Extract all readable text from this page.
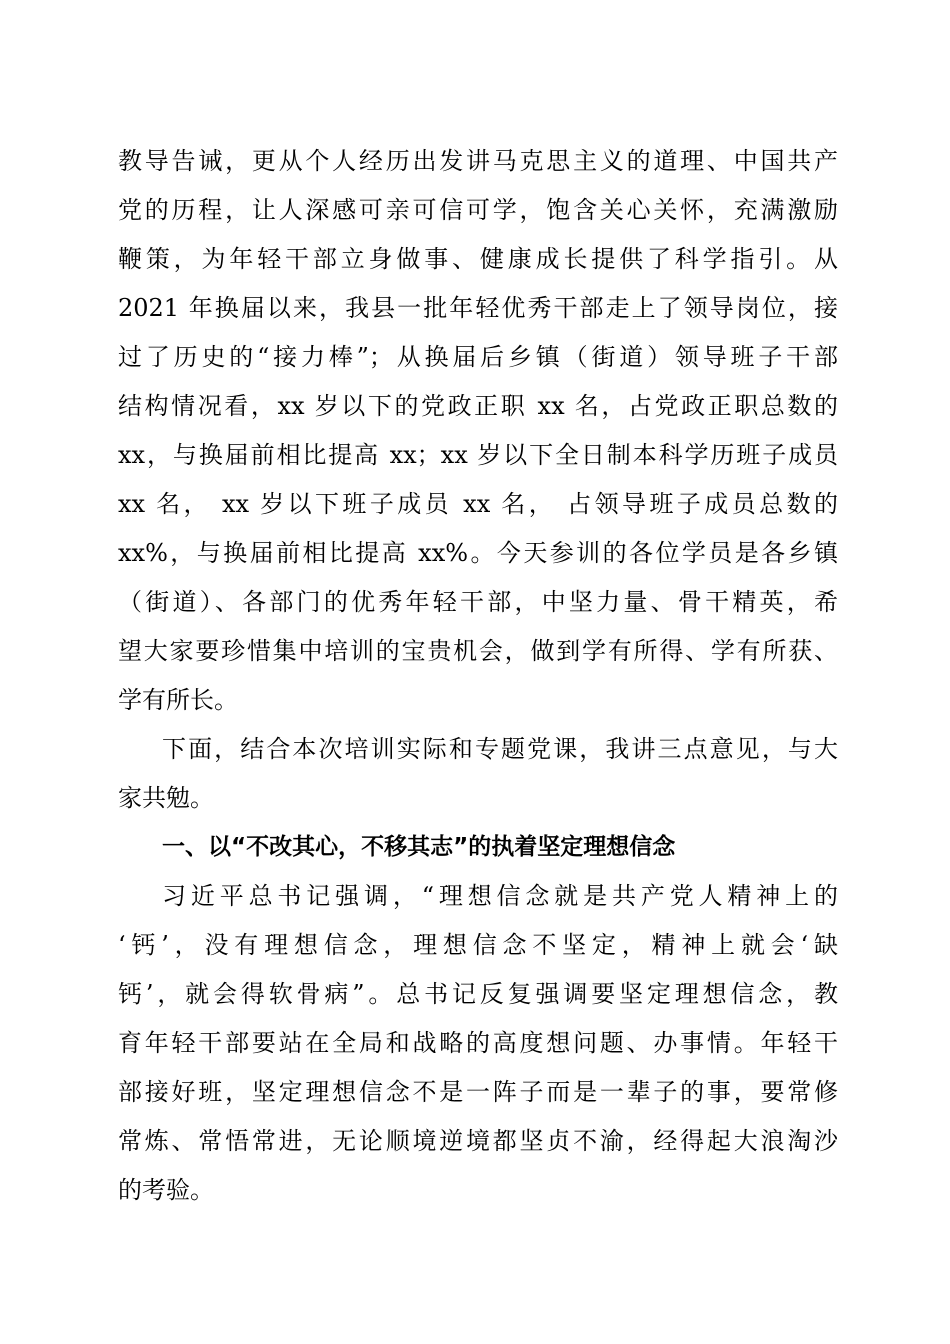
教导告诫，更从个人经历出发讲马克思主义的道理、中国共产
党的历程，让人深感可亲可信可学，饱含关心关怀，充满激励
鞭策，为年轻干部立身做事、健康成长提供了科学指引。从
2021 年换届以来，我县一批年轻优秀干部走上了领导岗位，接
过了历史的“接力棒”；从换届后乡镇（街道）领导班子干部
结构情况看，xx 岁以下的党政正职 xx 名，占党政正职总数的
xx，与换届前相比提高 xx；xx 岁以下全日制本科学历班子成员
xx 名， xx 岁以下班子成员 xx 名， 占领导班子成员总数的
xx%，与换届前相比提高 xx%。今天参训的各位学员是各乡镇
（街道）、各部门的优秀年轻干部，中坚力量、骨干精英，希
望大家要珍惜集中培训的宝贵机会，做到学有所得、学有所获、
学有所长。
下面，结合本次培训实际和专题党课，我讲三点意见，与大
家共勉。
一、以“不改其心，不移其志”的执着坚定理想信念
习近平总书记强调，“理想信念就是共产党人精神上的
‘钙’，没有理想信念，理想信念不坚定，精神上就会‘缺
钙’，就会得软骨病”。总书记反复强调要坚定理想信念，教
育年轻干部要站在全局和战略的高度想问题、办事情。年轻干
部接好班，坚定理想信念不是一阵子而是一辈子的事，要常修
常炼、常悟常进，无论顺境逆境都坚贞不渝，经得起大浪淘沙
的考验。
